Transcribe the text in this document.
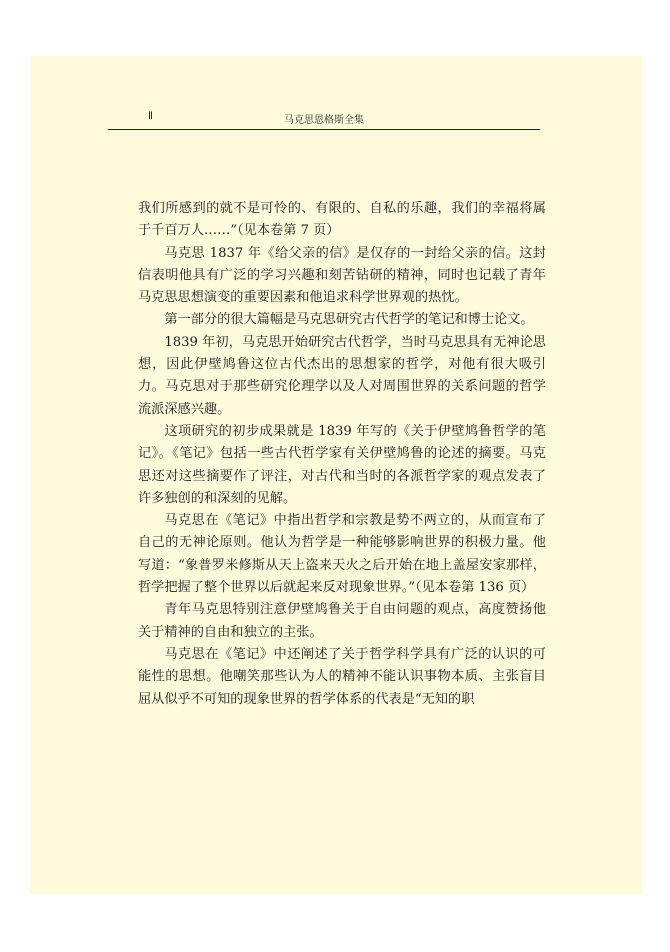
Ⅱ	马克思恩格斯全集

我们所感到的就不是可怜的、有限的、自私的乐趣，我们的幸福将属于千百万人……”（见本卷第 7 页）

马克思 1837 年《给父亲的信》是仅存的一封给父亲的信。这封信表明他具有广泛的学习兴趣和刻苦钻研的精神，同时也记载了青年马克思思想演变的重要因素和他追求科学世界观的热忱。

第一部分的很大篇幅是马克思研究古代哲学的笔记和博士论文。

1839 年初，马克思开始研究古代哲学，当时马克思具有无神论思想，因此伊壁鸠鲁这位古代杰出的思想家的哲学，对他有很大吸引力。马克思对于那些研究伦理学以及人对周围世界的关系问题的哲学流派深感兴趣。

这项研究的初步成果就是 1839 年写的《关于伊壁鸠鲁哲学的笔记》。《笔记》包括一些古代哲学家有关伊壁鸠鲁的论述的摘要。马克思还对这些摘要作了评注，对古代和当时的各派哲学家的观点发表了许多独创的和深刻的见解。

马克思在《笔记》中指出哲学和宗教是势不两立的，从而宣布了自己的无神论原则。他认为哲学是一种能够影响世界的积极力量。他写道：“象普罗米修斯从天上盗来天火之后开始在地上盖屋安家那样，哲学把握了整个世界以后就起来反对现象世界。”（见本卷第 136 页）

青年马克思特别注意伊壁鸠鲁关于自由问题的观点，高度赞扬他关于精神的自由和独立的主张。

马克思在《笔记》中还阐述了关于哲学科学具有广泛的认识的可能性的思想。他嘲笑那些认为人的精神不能认识事物本质、主张盲目屈从似乎不可知的现象世界的哲学体系的代表是“无知的职
